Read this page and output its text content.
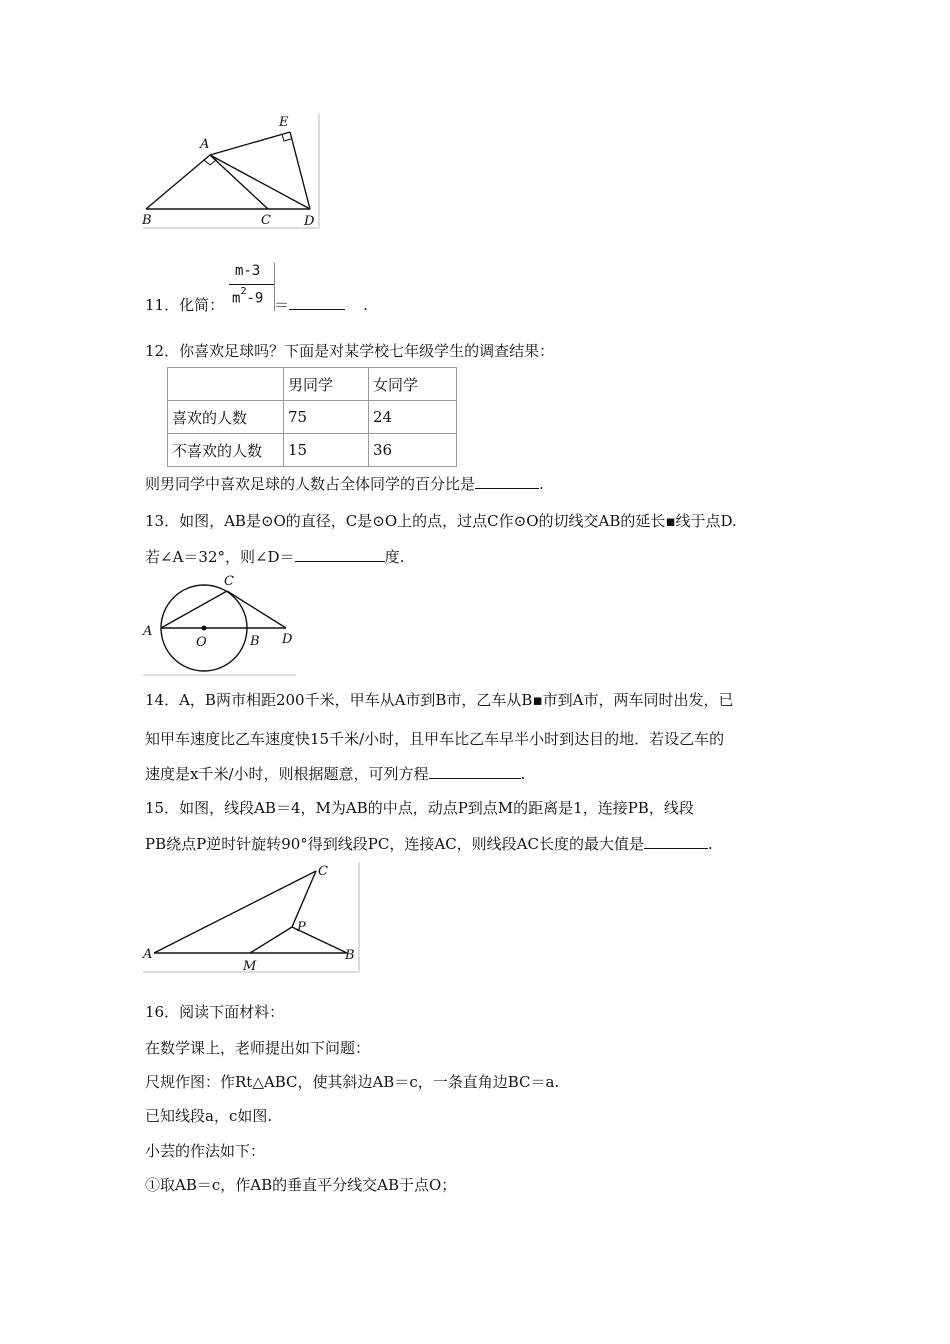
A
B	C	D
E
m-3
$m^2-9$
11．化简：	＝	.
12．你喜欢足球吗？下面是对某学校七年级学生的调查结果：
	男同学	女同学
喜欢的人数	75	24
不喜欢的人数	15	36
则男同学中喜欢足球的人数占全体同学的百分比是	.
13．如图，AB是⊙O的直径，C是⊙O上的点，过点C作⊙O的切线交AB的延长▪线于点D.
若∠A＝32°，则∠D＝	度.
A
O	B D
C
14．A，B两市相距200千米，甲车从A市到B市，乙车从B▪市到A市，两车同时出发，已
知甲车速度比乙车速度快15千米/小时，且甲车比乙车早半小时到达目的地．若设乙车的
速度是x千米/小时，则根据题意，可列方程	.
15．如图，线段AB＝4，M为AB的中点，动点P到点M的距离是1，连接PB，线段
PB绕点P逆时针旋转90°得到线段PC，连接AC，则线段AC长度的最大值是	.
A
M
B
P
C
16．阅读下面材料：
在数学课上，老师提出如下问题：
尺规作图：作Rt△ABC，使其斜边AB＝c，一条直角边BC＝a.
已知线段a，c如图.
小芸的作法如下：
①取AB＝c，作AB的垂直平分线交AB于点O；
